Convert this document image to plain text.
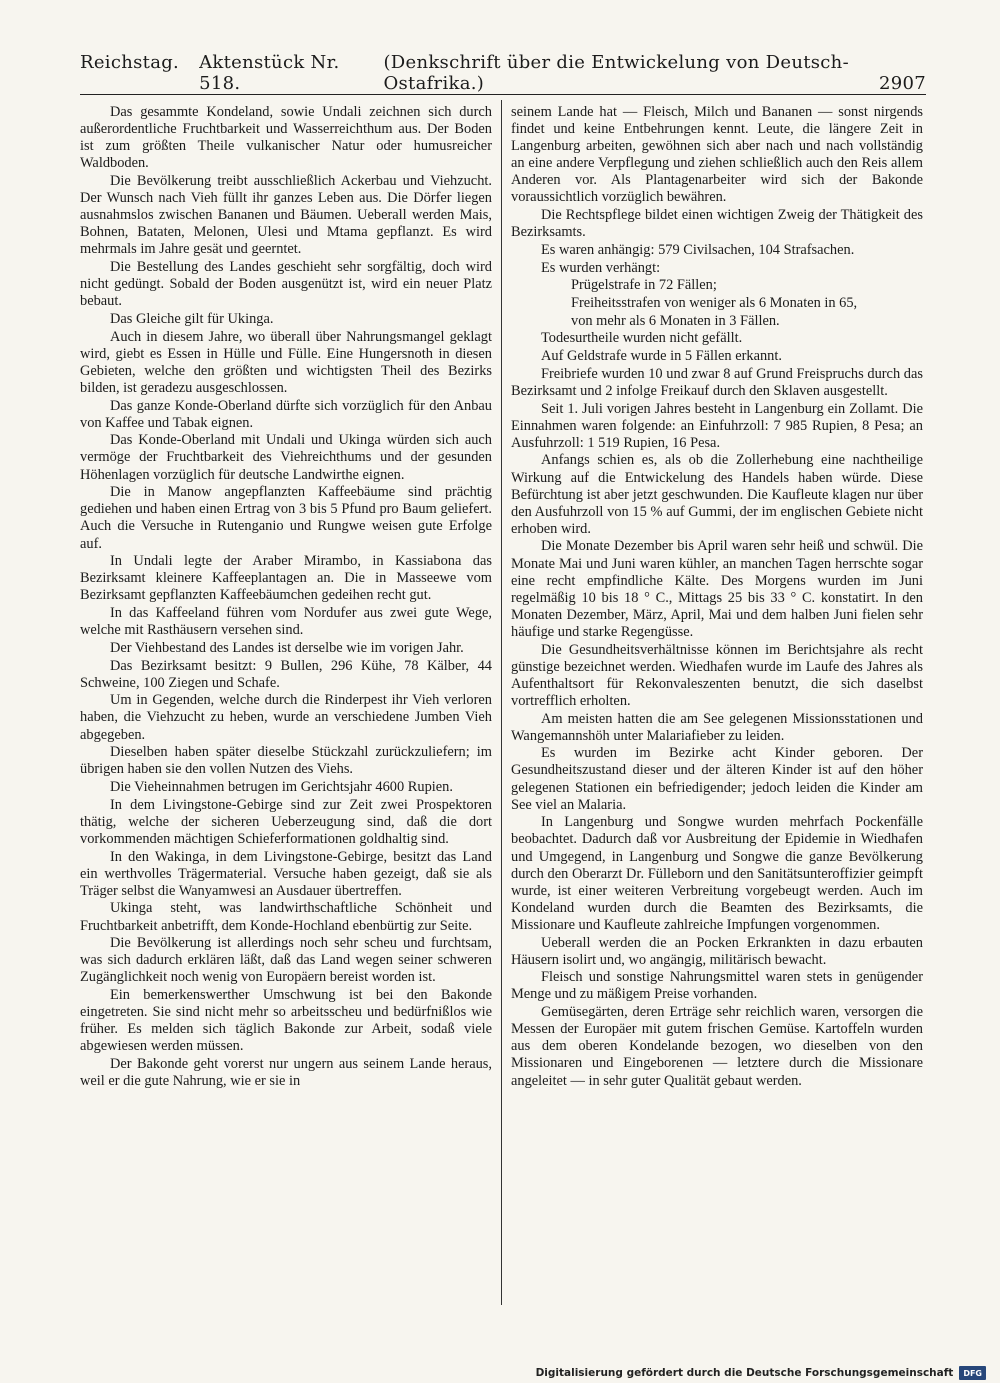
Reichstag. Aktenstück Nr. 518.
(Denkschrift über die Entwickelung von Deutsch-Ostafrika.)	2907

Das gesammte Kondeland, sowie Undali zeichnen sich durch außerordentliche Fruchtbarkeit und Wasserreichthum aus. Der Boden ist zum größten Theile vulkanischer Natur oder humusreicher Waldboden.

Die Bevölkerung treibt ausschließlich Ackerbau und Viehzucht. Der Wunsch nach Vieh füllt ihr ganzes Leben aus. Die Dörfer liegen ausnahmslos zwischen Bananen und Bäumen. Ueberall werden Mais, Bohnen, Bataten, Melonen, Ulesi und Mtama gepflanzt. Es wird mehrmals im Jahre gesät und geerntet.

Die Bestellung des Landes geschieht sehr sorgfältig, doch wird nicht gedüngt. Sobald der Boden ausgenützt ist, wird ein neuer Platz bebaut.

Das Gleiche gilt für Ukinga.

Auch in diesem Jahre, wo überall über Nahrungsmangel geklagt wird, giebt es Essen in Hülle und Fülle. Eine Hungersnoth in diesen Gebieten, welche den größten und wichtigsten Theil des Bezirks bilden, ist geradezu ausgeschlossen.

Das ganze Konde-Oberland dürfte sich vorzüglich für den Anbau von Kaffee und Tabak eignen.

Das Konde-Oberland mit Undali und Ukinga würden sich auch vermöge der Fruchtbarkeit des Viehreichthums und der gesunden Höhenlagen vorzüglich für deutsche Landwirthe eignen.

Die in Manow angepflanzten Kaffeebäume sind prächtig gediehen und haben einen Ertrag von 3 bis 5 Pfund pro Baum geliefert. Auch die Versuche in Rutenganio und Rungwe weisen gute Erfolge auf.

In Undali legte der Araber Mirambo, in Kassiabona das Bezirksamt kleinere Kaffeeplantagen an. Die in Masseewe vom Bezirksamt gepflanzten Kaffeebäumchen gedeihen recht gut.

In das Kaffeeland führen vom Nordufer aus zwei gute Wege, welche mit Rasthäusern versehen sind.

Der Viehbestand des Landes ist derselbe wie im vorigen Jahr.

Das Bezirksamt besitzt: 9 Bullen, 296 Kühe, 78 Kälber, 44 Schweine, 100 Ziegen und Schafe.

Um in Gegenden, welche durch die Rinderpest ihr Vieh verloren haben, die Viehzucht zu heben, wurde an verschiedene Jumben Vieh abgegeben.

Dieselben haben später dieselbe Stückzahl zurückzuliefern; im übrigen haben sie den vollen Nutzen des Viehs.

Die Vieheinnahmen betrugen im Gerichtsjahr 4600 Rupien.

In dem Livingstone-Gebirge sind zur Zeit zwei Prospektoren thätig, welche der sicheren Ueberzeugung sind, daß die dort vorkommenden mächtigen Schieferformationen goldhaltig sind.

In den Wakinga, in dem Livingstone-Gebirge, besitzt das Land ein werthvolles Trägermaterial. Versuche haben gezeigt, daß sie als Träger selbst die Wanyamwesi an Ausdauer übertreffen.

Ukinga steht, was landwirthschaftliche Schönheit und Fruchtbarkeit anbetrifft, dem Konde-Hochland ebenbürtig zur Seite.

Die Bevölkerung ist allerdings noch sehr scheu und furchtsam, was sich dadurch erklären läßt, daß das Land wegen seiner schweren Zugänglichkeit noch wenig von Europäern bereist worden ist.

Ein bemerkenswerther Umschwung ist bei den Bakonde eingetreten. Sie sind nicht mehr so arbeitsscheu und bedürfnißlos wie früher. Es melden sich täglich Bakonde zur Arbeit, sodaß viele abgewiesen werden müssen.

Der Bakonde geht vorerst nur ungern aus seinem Lande heraus, weil er die gute Nahrung, wie er sie in

seinem Lande hat — Fleisch, Milch und Bananen — sonst nirgends findet und keine Entbehrungen kennt. Leute, die längere Zeit in Langenburg arbeiten, gewöhnen sich aber nach und nach vollständig an eine andere Verpflegung und ziehen schließlich auch den Reis allem Anderen vor. Als Plantagenarbeiter wird sich der Bakonde voraussichtlich vorzüglich bewähren.

Die Rechtspflege bildet einen wichtigen Zweig der Thätigkeit des Bezirksamts.

Es waren anhängig: 579 Civilsachen, 104 Strafsachen.

Es wurden verhängt:

Prügelstrafe in 72 Fällen;

Freiheitsstrafen von weniger als 6 Monaten in 65,

von mehr als 6 Monaten in 3 Fällen.

Todesurtheile wurden nicht gefällt.

Auf Geldstrafe wurde in 5 Fällen erkannt.

Freibriefe wurden 10 und zwar 8 auf Grund Freispruchs durch das Bezirksamt und 2 infolge Freikauf durch den Sklaven ausgestellt.

Seit 1. Juli vorigen Jahres besteht in Langenburg ein Zollamt. Die Einnahmen waren folgende: an Einfuhrzoll: 7 985 Rupien, 8 Pesa; an Ausfuhrzoll: 1 519 Rupien, 16 Pesa.

Anfangs schien es, als ob die Zollerhebung eine nachtheilige Wirkung auf die Entwickelung des Handels haben würde. Diese Befürchtung ist aber jetzt geschwunden. Die Kaufleute klagen nur über den Ausfuhrzoll von 15 % auf Gummi, der im englischen Gebiete nicht erhoben wird.

Die Monate Dezember bis April waren sehr heiß und schwül. Die Monate Mai und Juni waren kühler, an manchen Tagen herrschte sogar eine recht empfindliche Kälte. Des Morgens wurden im Juni regelmäßig 10 bis 18 ° C., Mittags 25 bis 33 ° C. konstatirt. In den Monaten Dezember, März, April, Mai und dem halben Juni fielen sehr häufige und starke Regengüsse.

Die Gesundheitsverhältnisse können im Berichtsjahre als recht günstige bezeichnet werden. Wiedhafen wurde im Laufe des Jahres als Aufenthaltsort für Rekonvaleszenten benutzt, die sich daselbst vortrefflich erholten.

Am meisten hatten die am See gelegenen Missionsstationen und Wangemannshöh unter Malariafieber zu leiden.

Es wurden im Bezirke acht Kinder geboren. Der Gesundheitszustand dieser und der älteren Kinder ist auf den höher gelegenen Stationen ein befriedigender; jedoch leiden die Kinder am See viel an Malaria.

In Langenburg und Songwe wurden mehrfach Pockenfälle beobachtet. Dadurch daß vor Ausbreitung der Epidemie in Wiedhafen und Umgegend, in Langenburg und Songwe die ganze Bevölkerung durch den Oberarzt Dr. Fülleborn und den Sanitätsunteroffizier geimpft wurde, ist einer weiteren Verbreitung vorgebeugt werden. Auch im Kondeland wurden durch die Beamten des Bezirksamts, die Missionare und Kaufleute zahlreiche Impfungen vorgenommen.

Ueberall werden die an Pocken Erkrankten in dazu erbauten Häusern isolirt und, wo angängig, militärisch bewacht.

Fleisch und sonstige Nahrungsmittel waren stets in genügender Menge und zu mäßigem Preise vorhanden.

Gemüsegärten, deren Erträge sehr reichlich waren, versorgen die Messen der Europäer mit gutem frischen Gemüse. Kartoffeln wurden aus dem oberen Kondelande bezogen, wo dieselben von den Missionaren und Eingeborenen — letztere durch die Missionare angeleitet — in sehr guter Qualität gebaut werden.

Digitalisierung gefördert durch die Deutsche Forschungsgemeinschaft	DFG
